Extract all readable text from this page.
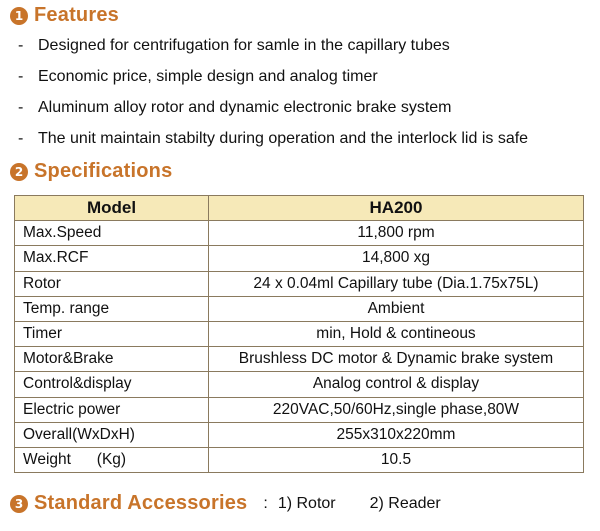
1 Features
- Designed for centrifugation for samle in the capillary tubes
- Economic price, simple design and analog timer
- Aluminum alloy rotor and dynamic electronic brake system
- The unit maintain stabilty during operation and the interlock lid is safe
2 Specifications
Model	HA200
Max.Speed	11,800 rpm
Max.RCF	14,800 xg
Rotor	24 x 0.04ml Capillary tube (Dia.1.75x75L)
Temp. range	Ambient
Timer	min, Hold & contineous
Motor&Brake	Brushless DC motor & Dynamic brake system
Control&display	Analog control & display
Electric power	220VAC,50/60Hz,single phase,80W
Overall(WxDxH)	255x310x220mm
Weight      (Kg)	10.5
3 Standard Accessories : 1) Rotor 2) Reader
